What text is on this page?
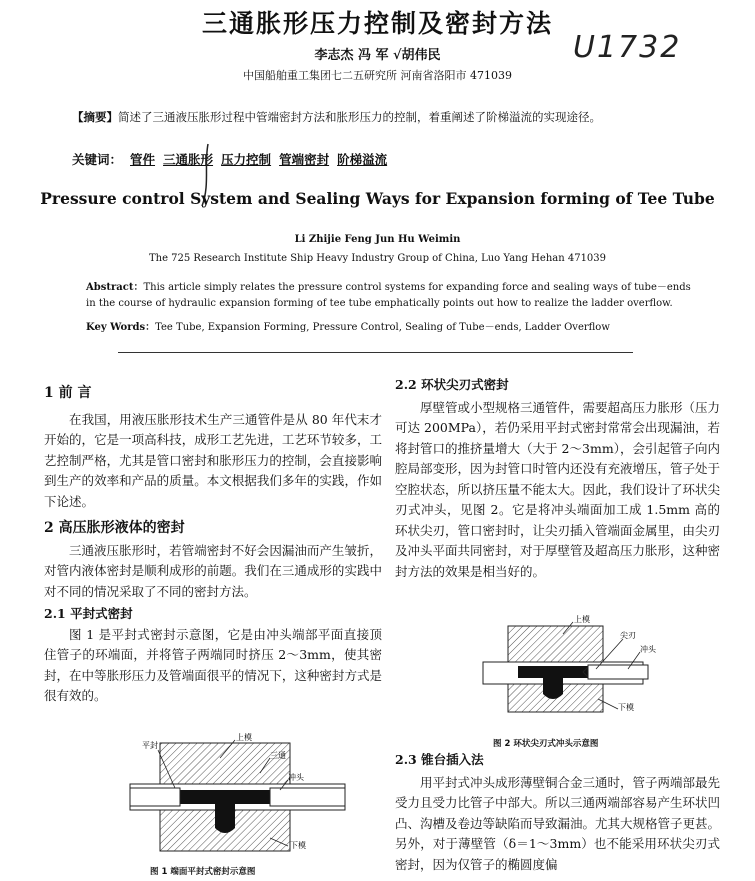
三通胀形压力控制及密封方法
李志杰 冯 军 √胡伟民
中国船舶重工集团七二五研究所 河南省洛阳市 471039
U1732
【摘要】简述了三通液压胀形过程中管端密封方法和胀形压力的控制，着重阐述了阶梯溢流的实现途径。
关键词： 管件 三通胀形 压力控制 管端密封 阶梯溢流
Pressure control System and Sealing Ways for Expansion forming of Tee Tube
Li Zhijie Feng Jun Hu Weimin
The 725 Research Institute Ship Heavy Industry Group of China, Luo Yang Hehan 471039
Abstract：This article simply relates the pressure control systems for expanding force and sealing ways of tube－ends in the course of hydraulic expansion forming of tee tube emphatically points out how to realize the ladder overflow.
Key Words：Tee Tube, Expansion Forming, Pressure Control, Sealing of Tube－ends, Ladder Overflow
1 前 言

在我国，用液压胀形技术生产三通管件是从 80 年代末才开始的，它是一项高科技，成形工艺先进，工艺环节较多，工艺控制严格，尤其是管口密封和胀形压力的控制，会直接影响到生产的效率和产品的质量。本文根据我们多年的实践，作如下论述。

2 高压胀形液体的密封

三通液压胀形时，若管端密封不好会因漏油而产生皱折，对管内液体密封是顺利成形的前题。我们在三通成形的实践中对不同的情况采取了不同的密封方法。

2.1 平封式密封

图 1 是平封式密封示意图，它是由冲头端部平面直接顶住管子的环端面，并将管子两端同时挤压 2～3mm，使其密封，在中等胀形压力及管端面很平的情况下，这种密封方式是很有效的。

平封
上模
三通
冲头
下模
图 1 端面平封式密封示意图
2.2 环状尖刃式密封

厚壁管或小型规格三通管件，需要超高压力胀形（压力可达 200MPa），若仍采用平封式密封常常会出现漏油，若将封管口的推挤量增大（大于 2～3mm），会引起管子向内腔局部变形，因为封管口时管内还没有充液增压，管子处于空腔状态，所以挤压量不能太大。因此，我们设计了环状尖刃式冲头，见图 2。它是将冲头端面加工成 1.5mm 高的环状尖刃，管口密封时，让尖刃插入管端面金属里，由尖刃及冲头平面共同密封，对于厚壁管及超高压力胀形，这种密封方法的效果是相当好的。

上模
尖刃
冲头
下模
图 2 环状尖刃式冲头示意图
2.3 锥台插入法

用平封式冲头成形薄壁铜合金三通时，管子两端部最先受力且受力比管子中部大。所以三通两端部容易产生环状凹凸、沟槽及卷边等缺陷而导致漏油。尤其大规格管子更甚。另外，对于薄壁管（δ＝1～3mm）也不能采用环状尖刃式密封，因为仅管子的椭圆度偏
